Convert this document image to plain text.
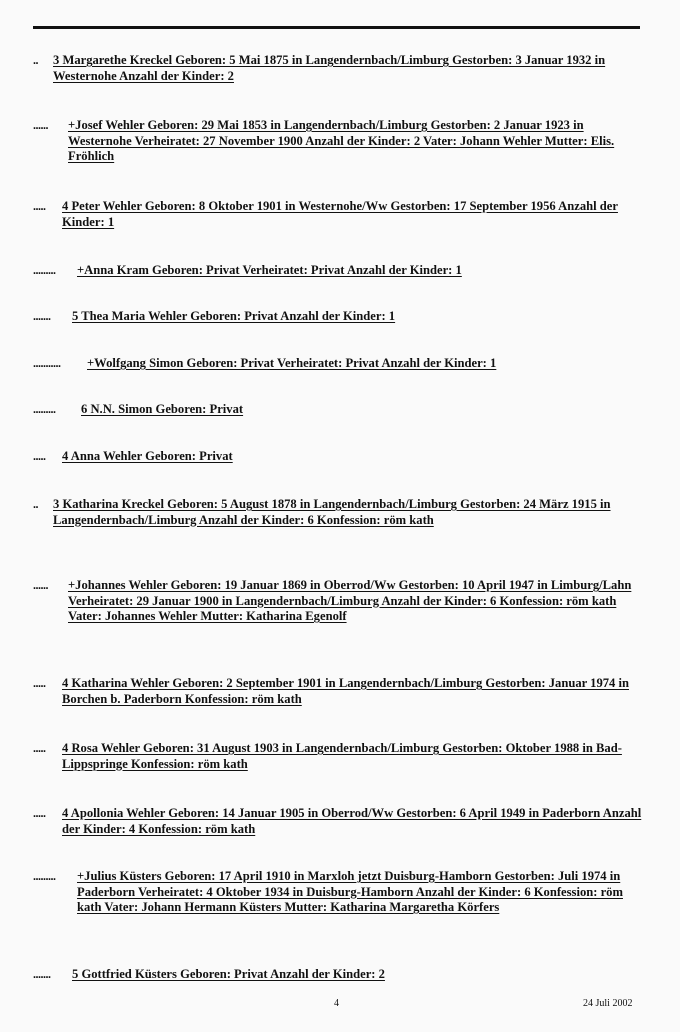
.. 3 Margarethe Kreckel Geboren: 5 Mai 1875 in Langendernbach/Limburg Gestorben: 3 Januar 1932 in Westernohe Anzahl der Kinder: 2
...... +Josef Wehler Geboren: 29 Mai 1853 in Langendernbach/Limburg Gestorben: 2 Januar 1923 in Westernohe Verheiratet: 27 November 1900 Anzahl der Kinder: 2 Vater: Johann Wehler Mutter: Elis. Fröhlich
..... 4 Peter Wehler Geboren: 8 Oktober 1901 in Westernohe/Ww Gestorben: 17 September 1956 Anzahl der Kinder: 1
......... +Anna Kram Geboren: Privat Verheiratet: Privat Anzahl der Kinder: 1
....... 5 Thea Maria Wehler Geboren: Privat Anzahl der Kinder: 1
........... +Wolfgang Simon Geboren: Privat Verheiratet: Privat Anzahl der Kinder: 1
......... 6 N.N. Simon Geboren: Privat
..... 4 Anna Wehler Geboren: Privat
.. 3 Katharina Kreckel Geboren: 5 August 1878 in Langendernbach/Limburg Gestorben: 24 März 1915 in Langendernbach/Limburg Anzahl der Kinder: 6 Konfession: röm kath
...... +Johannes Wehler Geboren: 19 Januar 1869 in Oberrod/Ww Gestorben: 10 April 1947 in Limburg/Lahn Verheiratet: 29 Januar 1900 in Langendernbach/Limburg Anzahl der Kinder: 6 Konfession: röm kath Vater: Johannes Wehler Mutter: Katharina Egenolf
..... 4 Katharina Wehler Geboren: 2 September 1901 in Langendernbach/Limburg Gestorben: Januar 1974 in Borchen b. Paderborn Konfession: röm kath
..... 4 Rosa Wehler Geboren: 31 August 1903 in Langendernbach/Limburg Gestorben: Oktober 1988 in Bad-Lippspringe Konfession: röm kath
..... 4 Apollonia Wehler Geboren: 14 Januar 1905 in Oberrod/Ww Gestorben: 6 April 1949 in Paderborn Anzahl der Kinder: 4 Konfession: röm kath
......... +Julius Küsters Geboren: 17 April 1910 in Marxloh jetzt Duisburg-Hamborn Gestorben: Juli 1974 in Paderborn Verheiratet: 4 Oktober 1934 in Duisburg-Hamborn Anzahl der Kinder: 6 Konfession: röm kath Vater: Johann Hermann Küsters Mutter: Katharina Margaretha Körfers
....... 5 Gottfried Küsters Geboren: Privat Anzahl der Kinder: 2
4	24 Juli 2002
